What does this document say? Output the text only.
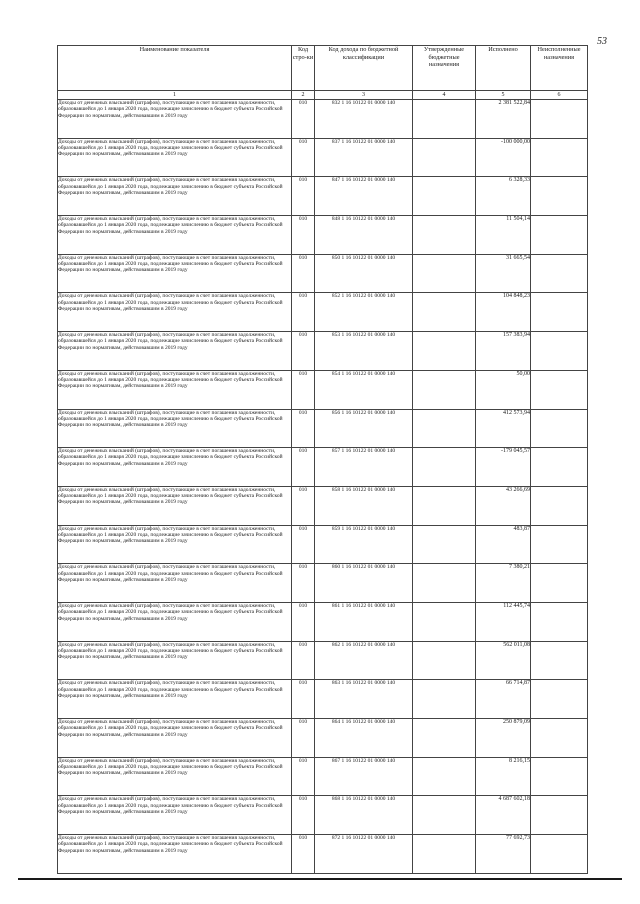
53
Наименование показателя	Код стро-ки	Код дохода по бюджетной классификации	Утвержденные бюджетные назначения	Исполнено	Неисполненные назначения
1	2	3	4	5	6
Доходы от денежных взысканий (штрафов), поступающие в счет погашения задолженности, образовавшейся до 1 января 2020 года, подлежащие зачислению в бюджет субъекта Российской Федерации по нормативам, действовавшим в 2019 году	010	832 1 16 10122 01 0000 140		2 381 522,84	
Доходы от денежных взысканий (штрафов), поступающие в счет погашения задолженности, образовавшейся до 1 января 2020 года, подлежащие зачислению в бюджет субъекта Российской Федерации по нормативам, действовавшим в 2019 году	010	837 1 16 10122 01 0000 140		-100 000,00	
Доходы от денежных взысканий (штрафов), поступающие в счет погашения задолженности, образовавшейся до 1 января 2020 года, подлежащие зачислению в бюджет субъекта Российской Федерации по нормативам, действовавшим в 2019 году	010	847 1 16 10122 01 0000 140		6 328,33	
Доходы от денежных взысканий (штрафов), поступающие в счет погашения задолженности, образовавшейся до 1 января 2020 года, подлежащие зачислению в бюджет субъекта Российской Федерации по нормативам, действовавшим в 2019 году	010	848 1 16 10122 01 0000 140		11 504,14	
Доходы от денежных взысканий (штрафов), поступающие в счет погашения задолженности, образовавшейся до 1 января 2020 года, подлежащие зачислению в бюджет субъекта Российской Федерации по нормативам, действовавшим в 2019 году	010	850 1 16 10122 01 0000 140		31 665,54	
Доходы от денежных взысканий (штрафов), поступающие в счет погашения задолженности, образовавшейся до 1 января 2020 года, подлежащие зачислению в бюджет субъекта Российской Федерации по нормативам, действовавшим в 2019 году	010	852 1 16 10122 01 0000 140		104 848,23	
Доходы от денежных взысканий (штрафов), поступающие в счет погашения задолженности, образовавшейся до 1 января 2020 года, подлежащие зачислению в бюджет субъекта Российской Федерации по нормативам, действовавшим в 2019 году	010	853 1 16 10122 01 0000 140		157 383,94	
Доходы от денежных взысканий (штрафов), поступающие в счет погашения задолженности, образовавшейся до 1 января 2020 года, подлежащие зачислению в бюджет субъекта Российской Федерации по нормативам, действовавшим в 2019 году	010	854 1 16 10122 01 0000 140		50,00	
Доходы от денежных взысканий (штрафов), поступающие в счет погашения задолженности, образовавшейся до 1 января 2020 года, подлежащие зачислению в бюджет субъекта Российской Федерации по нормативам, действовавшим в 2019 году	010	856 1 16 10122 01 0000 140		412 573,94	
Доходы от денежных взысканий (штрафов), поступающие в счет погашения задолженности, образовавшейся до 1 января 2020 года, подлежащие зачислению в бюджет субъекта Российской Федерации по нормативам, действовавшим в 2019 году	010	857 1 16 10122 01 0000 140		-179 045,57	
Доходы от денежных взысканий (штрафов), поступающие в счет погашения задолженности, образовавшейся до 1 января 2020 года, подлежащие зачислению в бюджет субъекта Российской Федерации по нормативам, действовавшим в 2019 году	010	858 1 16 10122 01 0000 140		43 266,69	
Доходы от денежных взысканий (штрафов), поступающие в счет погашения задолженности, образовавшейся до 1 января 2020 года, подлежащие зачислению в бюджет субъекта Российской Федерации по нормативам, действовавшим в 2019 году	010	859 1 16 10122 01 0000 140		483,87	
Доходы от денежных взысканий (штрафов), поступающие в счет погашения задолженности, образовавшейся до 1 января 2020 года, подлежащие зачислению в бюджет субъекта Российской Федерации по нормативам, действовавшим в 2019 году	010	860 1 16 10122 01 0000 140		7 380,21	
Доходы от денежных взысканий (штрафов), поступающие в счет погашения задолженности, образовавшейся до 1 января 2020 года, подлежащие зачислению в бюджет субъекта Российской Федерации по нормативам, действовавшим в 2019 году	010	861 1 16 10122 01 0000 140		112 445,74	
Доходы от денежных взысканий (штрафов), поступающие в счет погашения задолженности, образовавшейся до 1 января 2020 года, подлежащие зачислению в бюджет субъекта Российской Федерации по нормативам, действовавшим в 2019 году	010	862 1 16 10122 01 0000 140		562 011,08	
Доходы от денежных взысканий (штрафов), поступающие в счет погашения задолженности, образовавшейся до 1 января 2020 года, подлежащие зачислению в бюджет субъекта Российской Федерации по нормативам, действовавшим в 2019 году	010	863 1 16 10122 01 0000 140		66 714,87	
Доходы от денежных взысканий (штрафов), поступающие в счет погашения задолженности, образовавшейся до 1 января 2020 года, подлежащие зачислению в бюджет субъекта Российской Федерации по нормативам, действовавшим в 2019 году	010	864 1 16 10122 01 0000 140		250 879,09	
Доходы от денежных взысканий (штрафов), поступающие в счет погашения задолженности, образовавшейся до 1 января 2020 года, подлежащие зачислению в бюджет субъекта Российской Федерации по нормативам, действовавшим в 2019 году	010	867 1 16 10122 01 0000 140		8 216,15	
Доходы от денежных взысканий (штрафов), поступающие в счет погашения задолженности, образовавшейся до 1 января 2020 года, подлежащие зачислению в бюджет субъекта Российской Федерации по нормативам, действовавшим в 2019 году	010	868 1 16 10122 01 0000 140		4 687 602,18	
Доходы от денежных взысканий (штрафов), поступающие в счет погашения задолженности, образовавшейся до 1 января 2020 года, подлежащие зачислению в бюджет субъекта Российской Федерации по нормативам, действовавшим в 2019 году	010	872 1 16 10122 01 0000 140		77 692,73	
